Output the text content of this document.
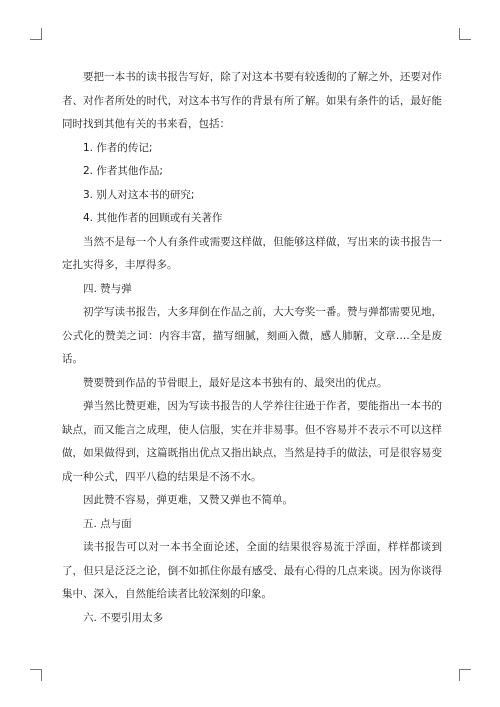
要把一本书的读书报告写好，除了对这本书要有较透彻的了解之外，还要对作者、对作者所处的时代，对这本书写作的背景有所了解。如果有条件的话，最好能同时找到其他有关的书来看，包括：

1. 作者的传记;

2. 作者其他作品;

3. 别人对这本书的研究;

4. 其他作者的回顾或有关著作

当然不是每一个人有条件或需要这样做，但能够这样做，写出来的读书报告一定扎实得多，丰厚得多。

四. 赞与弹

初学写读书报告，大多拜倒在作品之前，大大夸奖一番。赞与弹都需要见地，公式化的赞美之词：内容丰富，描写细腻，刻画入微，感人肺腑，文章….全是废话。

赞要赞到作品的节骨眼上，最好是这本书独有的、最突出的优点。

弹当然比赞更难，因为写读书报告的人学养往往逊于作者，要能指出一本书的缺点，而又能言之成理，使人信服，实在并非易事。但不容易并不表示不可以这样做，如果做得到，这篇既指出优点又指出缺点，当然是持手的做法，可是很容易变成一种公式，四平八稳的结果是不汤不水。

因此赞不容易，弹更难，又赞又弹也不简单。

五. 点与面

读书报告可以对一本书全面论述，全面的结果很容易流于浮面，样样都谈到了，但只是泛泛之论，倒不如抓住你最有感受、最有心得的几点来谈。因为你谈得集中、深入，自然能给读者比较深刻的印象。

六. 不要引用太多
